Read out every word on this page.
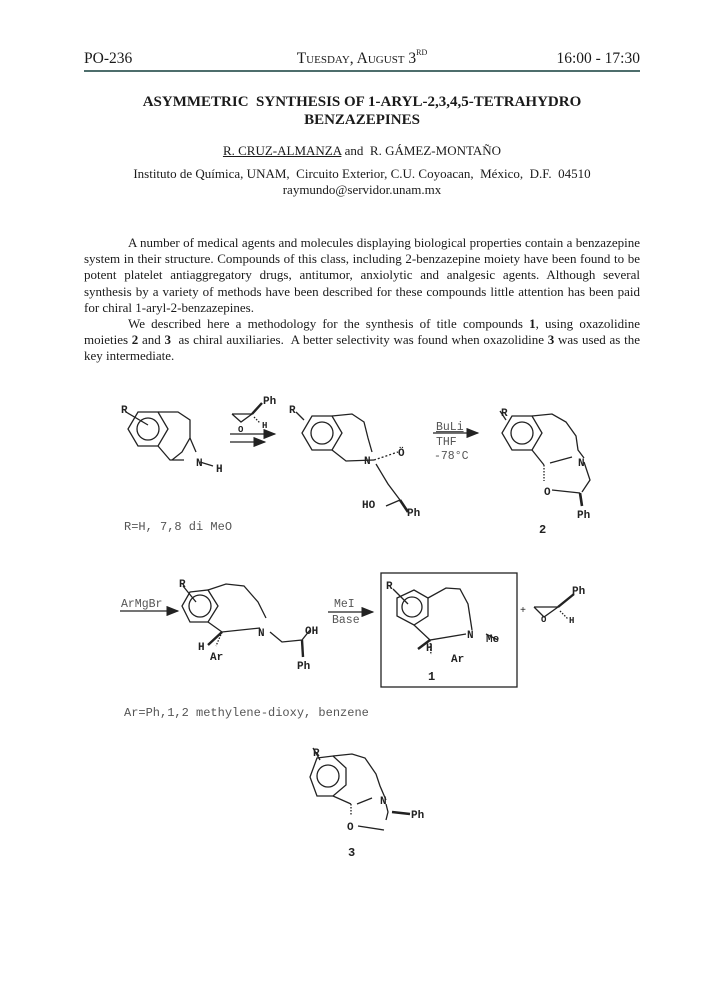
PO-236	Tuesday, August 3RD	16:00 - 17:30
ASYMMETRIC  SYNTHESIS OF 1-ARYL-2,3,4,5-TETRAHYDRO
BENZAZEPINES
R. CRUZ-ALMANZA and  R. GÁMEZ-MONTAÑO
Instituto de Química, UNAM,  Circuito Exterior, C.U. Coyoacan,  México,  D.F.  04510
raymundo@servidor.unam.mx

A number of medical agents and molecules displaying biological properties contain a benzazepine system in their structure. Compounds of this class, including 2-benzazepine moiety have been found to be potent platelet antiaggregatory drugs, antitumor, anxiolytic and analgesic agents. Although several synthesis by a variety of methods have been described for these compounds little attention has been paid for chiral 1-aryl-2-benzazepines.

We described here a methodology for the synthesis of title compounds 1, using oxazolidine moieties 2 and 3  as chiral auxiliaries.  A better selectivity was found when oxazolidine 3 was used as the key intermediate.

R
N H
Ph
O H
R
N
Ö
HO
Ph
R
N
O
Ph
2
R
N	OH
H
Ar
Ph
R
N Me
H
Ar
1
+
Ph
O	H
R
N
O
Ph
3
BuLi
THF
-78°C
ArMgBr	MeI
Base
R=H, 7,8 di MeO
Ar=Ph,1,2 methylene-dioxy, benzene
